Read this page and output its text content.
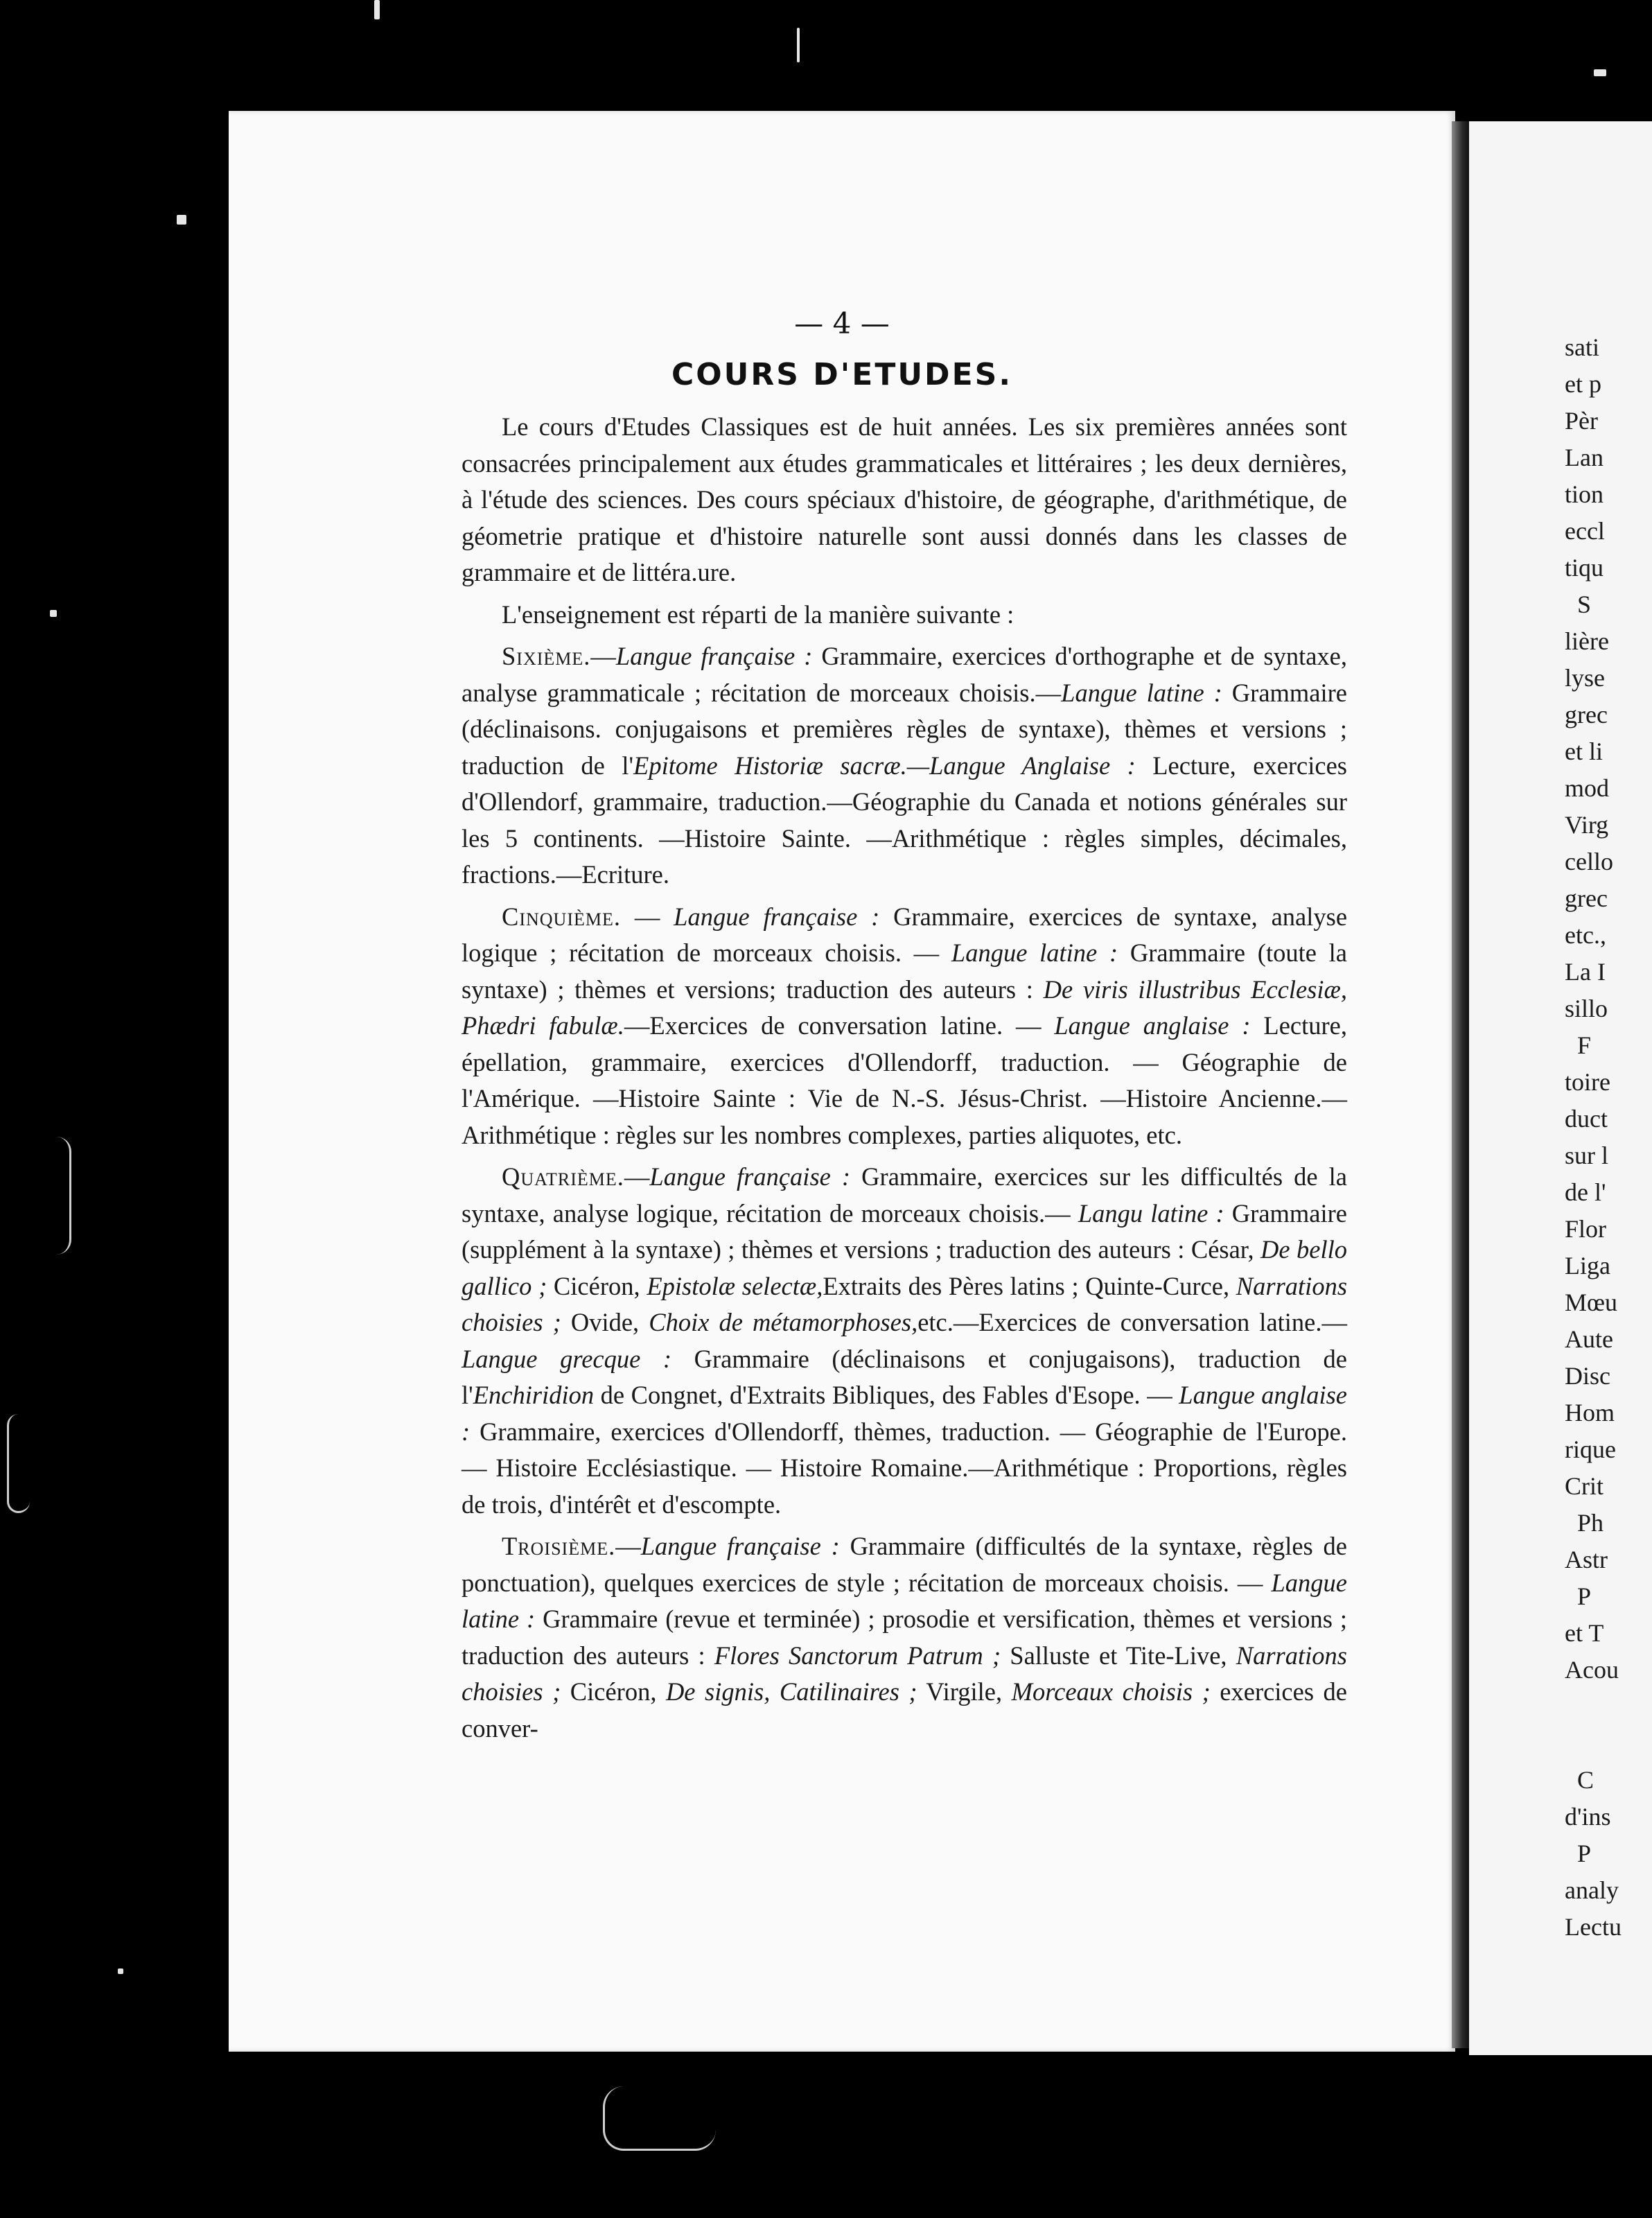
— 4 —
COURS D'ETUDES.

Le cours d'Etudes Classiques est de huit années. Les six premières années sont consacrées principalement aux études grammaticales et littéraires ; les deux dernières, à l'étude des sciences. Des cours spéciaux d'histoire, de géographe, d'arithmétique, de géometrie pratique et d'histoire naturelle sont aussi donnés dans les classes de grammaire et de littéra.ure.

L'enseignement est réparti de la manière suivante :

Sixième.—Langue française : Grammaire, exercices d'orthographe et de syntaxe, analyse grammaticale ; récitation de morceaux choisis.—Langue latine : Grammaire (déclinaisons. conjugaisons et premières règles de syntaxe), thèmes et versions ; traduction de l'Epitome Historiæ sacræ.—Langue Anglaise : Lecture, exercices d'Ollendorf, grammaire, traduction.—Géographie du Canada et notions générales sur les 5 continents. —Histoire Sainte. —Arithmétique : règles simples, décimales, fractions.—Ecriture.

Cinquième. — Langue française : Grammaire, exercices de syntaxe, analyse logique ; récitation de morceaux choisis. — Langue latine : Grammaire (toute la syntaxe) ; thèmes et versions; traduction des auteurs : De viris illustribus Ecclesiæ, Phædri fabulæ.—Exercices de conversation latine. — Langue anglaise : Lecture, épellation, grammaire, exercices d'Ollendorff, traduction. — Géographie de l'Amérique. —Histoire Sainte : Vie de N.-S. Jésus-Christ. —Histoire Ancienne.—Arithmétique : règles sur les nombres complexes, parties aliquotes, etc.

Quatrième.—Langue française : Grammaire, exercices sur les difficultés de la syntaxe, analyse logique, récitation de morceaux choisis.— Langu latine : Grammaire (supplément à la syntaxe) ; thèmes et versions ; traduction des auteurs : César, De bello gallico ; Cicéron, Epistolæ selectæ,Extraits des Pères latins ; Quinte-Curce, Narrations choisies ; Ovide, Choix de métamorphoses,etc.—Exercices de conversation latine.—Langue grecque : Grammaire (déclinaisons et conjugaisons), traduction de l'Enchiridion de Congnet, d'Extraits Bibliques, des Fables d'Esope. — Langue anglaise : Grammaire, exercices d'Ollendorff, thèmes, traduction. — Géographie de l'Europe. — Histoire Ecclésiastique. — Histoire Romaine.—Arithmétique : Proportions, règles de trois, d'intérêt et d'escompte.

Troisième.—Langue française : Grammaire (difficultés de la syntaxe, règles de ponctuation), quelques exercices de style ; récitation de morceaux choisis. — Langue latine : Grammaire (revue et terminée) ; prosodie et versification, thèmes et versions ; traduction des auteurs : Flores Sanctorum Patrum ; Salluste et Tite-Live, Narrations choisies ; Cicéron, De signis, Catilinaires ; Virgile, Morceaux choisis ; exercices de conver-

sati
et p
Pèr
Lan
tion
eccl
tiqu
S
lière
lyse
grec
et li
mod
Virg
cello
grec
etc.,
La I
sillo
F
toire
duct
sur l
de l'
Flor
Liga
Mœu
Aute
Disc
Hom
rique
Crit
Ph
Astr
P
et T
Acou

C
d'ins
P
analy
Lectu
